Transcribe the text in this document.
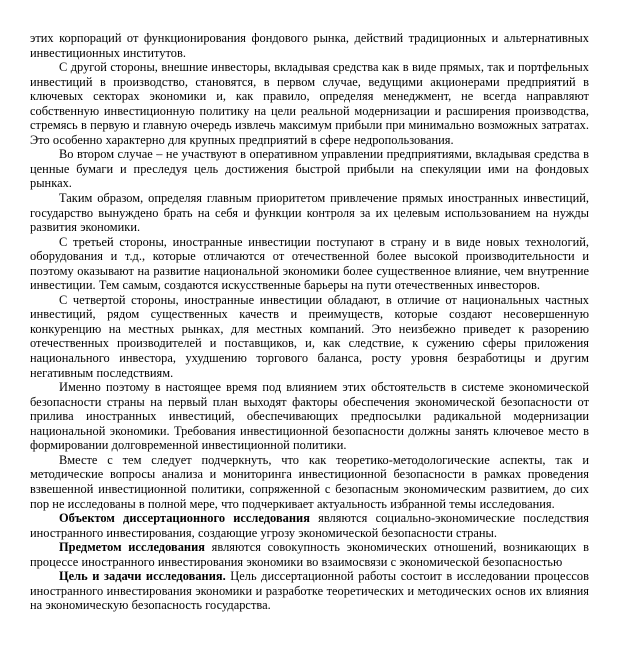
этих корпораций от функционирования фондового рынка, действий традиционных и альтернативных инвестиционных институтов.

С другой стороны, внешние инвесторы, вкладывая средства как в виде прямых, так и портфельных инвестиций в производство, становятся, в первом случае, ведущими акционерами предприятий в ключевых секторах экономики и, как правило, определяя менеджмент, не всегда направляют собственную инвестиционную политику на цели реальной модернизации и расширения производства, стремясь в первую и главную очередь извлечь максимум прибыли при минимально возможных затратах. Это особенно характерно для крупных предприятий в сфере недропользования.

Во втором случае – не участвуют в оперативном управлении предприятиями, вкладывая средства в ценные бумаги и преследуя цель достижения быстрой прибыли на спекуляции ими на фондовых рынках.

Таким образом, определяя главным приоритетом привлечение прямых иностранных инвестиций, государство вынуждено брать на себя и функции контроля за их целевым использованием на нужды развития экономики.

С третьей стороны, иностранные инвестиции поступают в страну и в виде новых технологий, оборудования и т.д., которые отличаются от отечественной более высокой производительности и поэтому оказывают на развитие национальной экономики более существенное влияние, чем внутренние инвестиции. Тем самым, создаются искусственные барьеры на пути отечественных инвесторов.

С четвертой стороны, иностранные инвестиции обладают, в отличие от национальных частных инвестиций, рядом существенных качеств и преимуществ, которые создают несовершенную конкуренцию на местных рынках, для местных компаний. Это неизбежно приведет к разорению отечественных производителей и поставщиков, и, как следствие, к сужению сферы приложения национального инвестора, ухудшению торгового баланса, росту уровня безработицы и другим негативным последствиям.

Именно поэтому в настоящее время под влиянием этих обстоятельств в системе экономической безопасности страны на первый план выходят факторы обеспечения экономической безопасности от прилива иностранных инвестиций, обеспечивающих предпосылки радикальной модернизации национальной экономики. Требования инвестиционной безопасности должны занять ключевое место в формировании долговременной инвестиционной политики.

Вместе с тем следует подчеркнуть, что как теоретико-методологические аспекты, так и методические вопросы анализа и мониторинга инвестиционной безопасности в рамках проведения взвешенной инвестиционной политики, сопряженной с безопасным экономическим развитием, до сих пор не исследованы в полной мере, что подчеркивает актуальность избранной темы исследования.

Объектом диссертационного исследования являются социально-экономические последствия иностранного инвестирования, создающие угрозу экономической безопасности страны.

Предметом исследования являются совокупность экономических отношений, возникающих в процессе иностранного инвестирования экономики во взаимосвязи с экономической безопасностью

Цель и задачи исследования. Цель диссертационной работы состоит в исследовании процессов иностранного инвестирования экономики и разработке теоретических и методических основ их влияния на экономическую безопасность государства.
